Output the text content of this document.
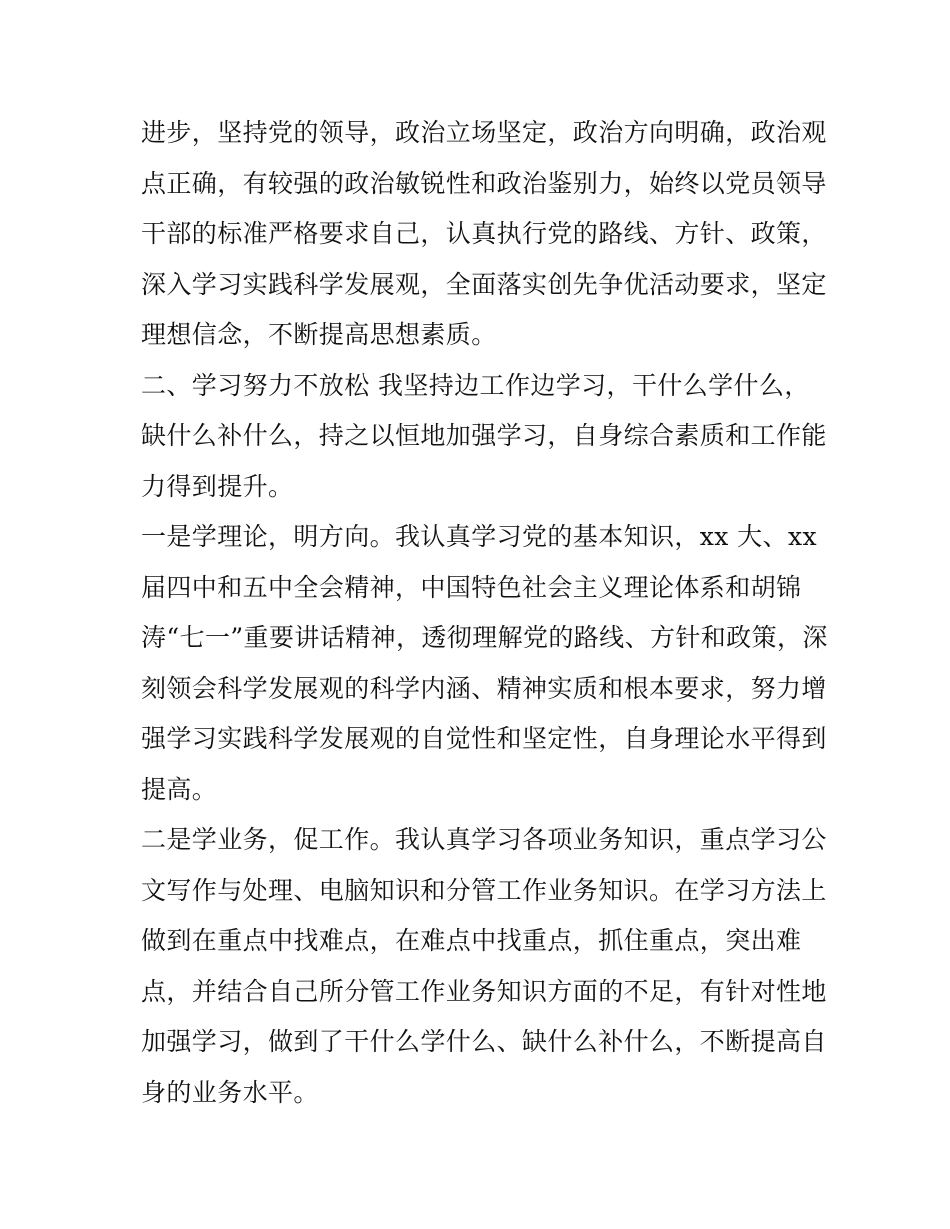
进步，坚持党的领导，政治立场坚定，政治方向明确，政治观
点正确，有较强的政治敏锐性和政治鉴别力，始终以党员领导
干部的标准严格要求自己，认真执行党的路线、方针、政策，
深入学习实践科学发展观，全面落实创先争优活动要求，坚定
理想信念，不断提高思想素质。
二、学习努力不放松 我坚持边工作边学习，干什么学什么，
缺什么补什么，持之以恒地加强学习，自身综合素质和工作能
力得到提升。
一是学理论，明方向。我认真学习党的基本知识，xx 大、xx
届四中和五中全会精神，中国特色社会主义理论体系和胡锦
涛“七一”重要讲话精神，透彻理解党的路线、方针和政策，深
刻领会科学发展观的科学内涵、精神实质和根本要求，努力增
强学习实践科学发展观的自觉性和坚定性，自身理论水平得到
提高。
二是学业务，促工作。我认真学习各项业务知识，重点学习公
文写作与处理、电脑知识和分管工作业务知识。在学习方法上
做到在重点中找难点，在难点中找重点，抓住重点，突出难
点，并结合自己所分管工作业务知识方面的不足，有针对性地
加强学习，做到了干什么学什么、缺什么补什么，不断提高自
身的业务水平。
